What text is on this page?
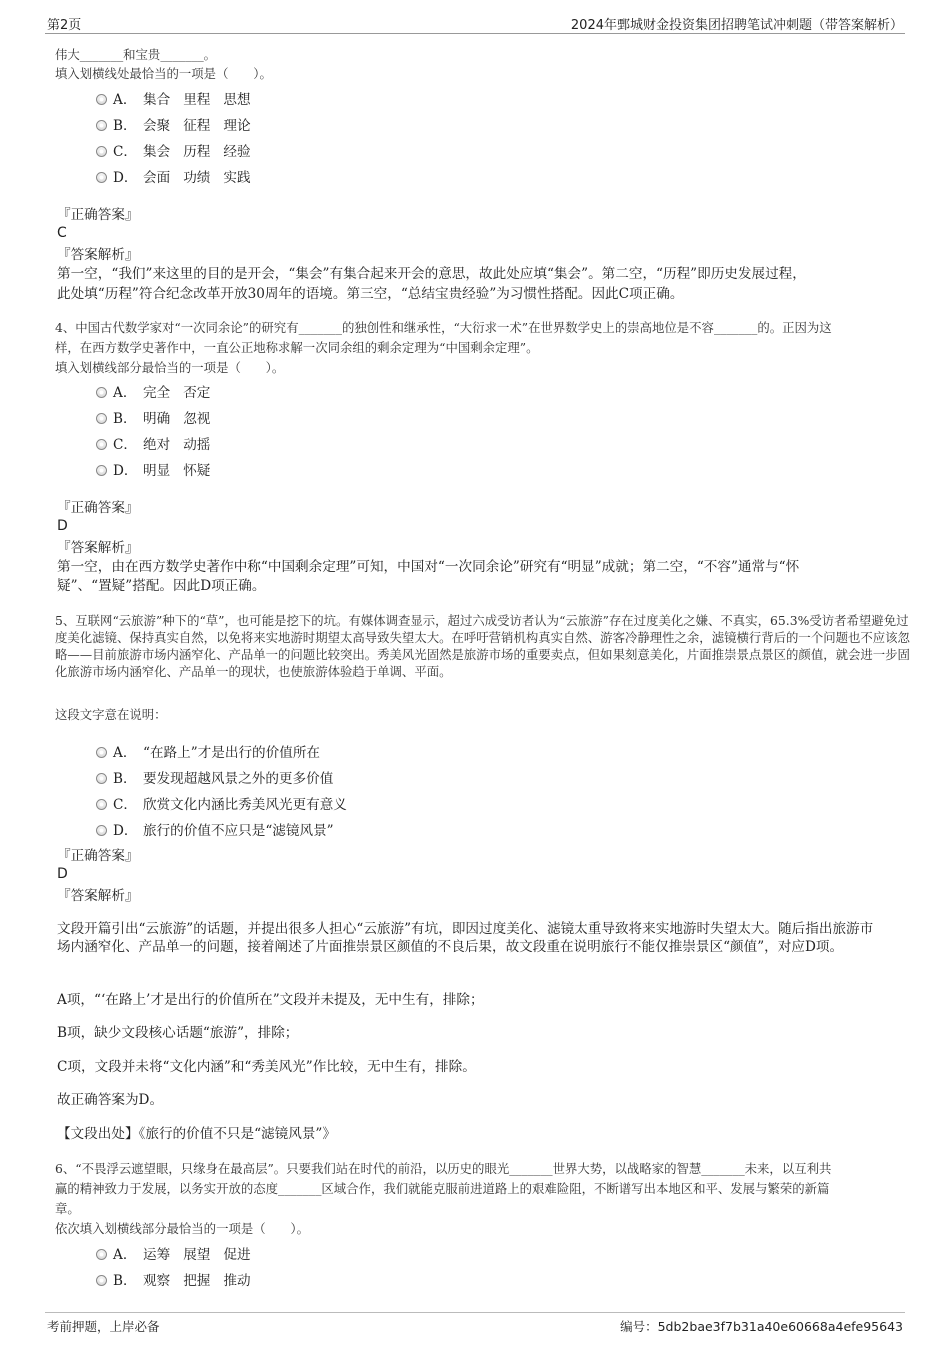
第2页	2024年鄄城财金投资集团招聘笔试冲刺题（带答案解析）
伟大_______和宝贵_______。
填入划横线处最恰当的一项是（　　）。
A． 集合 里程 思想
B． 会聚 征程 理论
C． 集会 历程 经验
D． 会面 功绩 实践
『正确答案』
C
『答案解析』
第一空，“我们”来这里的目的是开会，“集会”有集合起来开会的意思，故此处应填“集会”。第二空，“历程”即历史发展过程，
此处填“历程”符合纪念改革开放30周年的语境。第三空，“总结宝贵经验”为习惯性搭配。因此C项正确。
4、中国古代数学家对“一次同余论”的研究有_______的独创性和继承性，“大衍求一术”在世界数学史上的崇高地位是不容_______的。正因为这
样，在西方数学史著作中，一直公正地称求解一次同余组的剩余定理为“中国剩余定理”。
填入划横线部分最恰当的一项是（　　）。
A． 完全 否定
B． 明确 忽视
C． 绝对 动摇
D． 明显 怀疑
『正确答案』
D
『答案解析』
第一空，由在西方数学史著作中称“中国剩余定理”可知，中国对“一次同余论”研究有“明显”成就；第二空，“不容”通常与“怀
疑”、“置疑”搭配。因此D项正确。
5、互联网“云旅游”种下的“草”，也可能是挖下的坑。有媒体调查显示，超过六成受访者认为“云旅游”存在过度美化之嫌、不真实，65.3%受访者希望避免过度美化滤镜、保持真实自然，以免将来实地游时期望太高导致失望太大。在呼吁营销机构真实自然、游客冷静理性之余，滤镜横行背后的一个问题也不应该忽略——目前旅游市场内涵窄化、产品单一的问题比较突出。秀美风光固然是旅游市场的重要卖点，但如果刻意美化，片面推崇景点景区的颜值，就会进一步固化旅游市场内涵窄化、产品单一的现状，也使旅游体验趋于单调、平面。
这段文字意在说明：
A． “在路上”才是出行的价值所在
B． 要发现超越风景之外的更多价值
C． 欣赏文化内涵比秀美风光更有意义
D． 旅行的价值不应只是“滤镜风景”
『正确答案』
D
『答案解析』
文段开篇引出“云旅游”的话题，并提出很多人担心“云旅游”有坑，即因过度美化、滤镜太重导致将来实地游时失望太大。随后指出旅游市场内涵窄化、产品单一的问题，接着阐述了片面推崇景区颜值的不良后果，故文段重在说明旅行不能仅推崇景区“颜值”，对应D项。
A项，“‘在路上’才是出行的价值所在”文段并未提及，无中生有，排除；
B项，缺少文段核心话题“旅游”，排除；
C项，文段并未将“文化内涵”和“秀美风光”作比较，无中生有，排除。
故正确答案为D。
【文段出处】《旅行的价值不只是“滤镜风景”》
6、“不畏浮云遮望眼，只缘身在最高层”。只要我们站在时代的前沿，以历史的眼光_______世界大势，以战略家的智慧_______未来，以互利共
赢的精神致力于发展，以务实开放的态度_______区域合作，我们就能克服前进道路上的艰难险阻，不断谱写出本地区和平、发展与繁荣的新篇
章。
依次填入划横线部分最恰当的一项是（　　）。
A． 运筹 展望 促进
B． 观察 把握 推动
考前押题，上岸必备	编号：5db2bae3f7b31a40e60668a4efe95643
